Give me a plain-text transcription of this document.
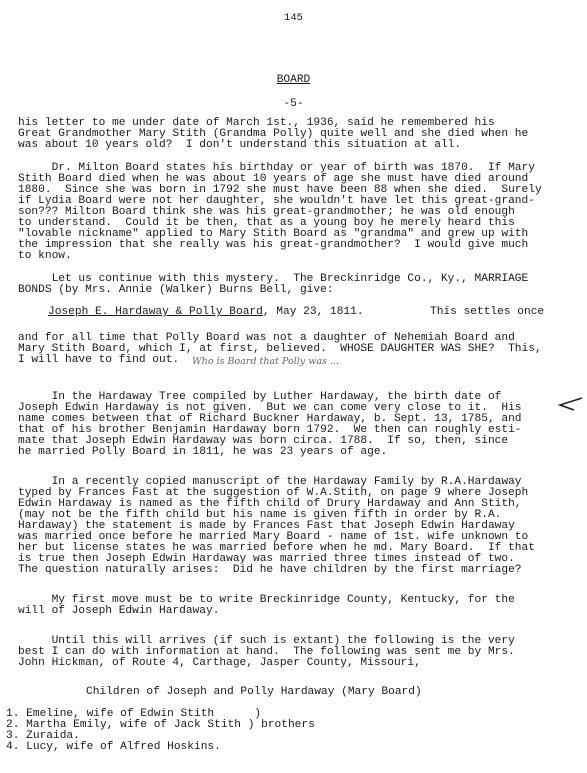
145
BOARD
-5-
his letter to me under date of March 1st., 1936, said he remembered his
Great Grandmother Mary Stith (Grandma Polly) quite well and she died when he
was about 10 years old?  I don't understand this situation at all.
Dr. Milton Board states his birthday or year of birth was 1870.  If Mary
Stith Board died when he was about 10 years of age she must have died around
1880.  Since she was born in 1792 she must have been 88 when she died.  Surely
if Lydia Board were not her daughter, she wouldn't have let this great-grand-
son??? Milton Board think she was his great-grandmother; he was old enough
to understand.  Could it be then, that as a young boy he merely heard this
"lovable nickname" applied to Mary Stith Board as "grandma" and grew up with
the impression that she really was his great-grandmother?  I would give much
to know.
Let us continue with this mystery.  The Breckinridge Co., Ky., MARRIAGE
BONDS (by Mrs. Annie (Walker) Burns Bell, give:
Joseph E. Hardaway & Polly Board, May 23, 1811.	This settles once
and for all time that Polly Board was not a daughter of Nehemiah Board and
Mary Stith Board, which I, at first, believed.  WHOSE DAUGHTER WAS SHE?  This,
I will have to find out. Who is Board that Polly was ...
In the Hardaway Tree compiled by Luther Hardaway, the birth date of
Joseph Edwin Hardaway is not given.  But we can come very close to it.  His
name comes between that of Richard Buckner Hardaway, b. Sept. 13, 1785, and
that of his brother Benjamin Hardaway born 1792.  We then can roughly esti-
mate that Joseph Edwin Hardaway was born circa. 1788.  If so, then, since
he married Polly Board in 1811, he was 23 years of age.
In a recently copied manuscript of the Hardaway Family by R.A.Hardaway
typed by Frances Fast at the suggestion of W.A.Stith, on page 9 where Joseph
Edwin Hardaway is named as the fifth child of Drury Hardaway and Ann Stith,
(may not be the fifth child but his name is given fifth in order by R.A.
Hardaway) the statement is made by Frances Fast that Joseph Edwin Hardaway
was married once before he married Mary Board - name of 1st. wife unknown to
her but license states he was married before when he md. Mary Board.  If that
is true then Joseph Edwin Hardaway was married three times instead of two.
The question naturally arises:  Did he have children by the first marriage?
My first move must be to write Breckinridge County, Kentucky, for the
will of Joseph Edwin Hardaway.
Until this will arrives (if such is extant) the following is the very
best I can do with information at hand.  The following was sent me by Mrs.
John Hickman, of Route 4, Carthage, Jasper County, Missouri,
Children of Joseph and Polly Hardaway (Mary Board)
1. Emeline, wife of Edwin Stith      )
2. Martha Emily, wife of Jack Stith ) brothers
3. Zuraida.
4. Lucy, wife of Alfred Hoskins.
